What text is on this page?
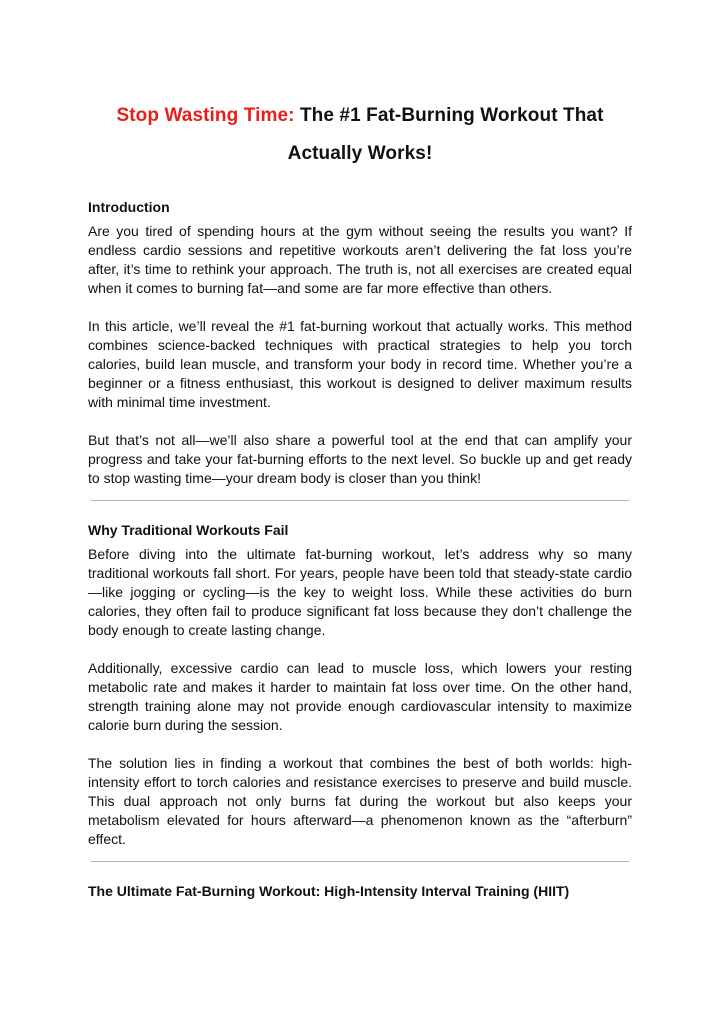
Stop Wasting Time: The #1 Fat-Burning Workout That Actually Works!
Introduction

Are you tired of spending hours at the gym without seeing the results you want? If endless cardio sessions and repetitive workouts aren’t delivering the fat loss you’re after, it’s time to rethink your approach. The truth is, not all exercises are created equal when it comes to burning fat—and some are far more effective than others.

In this article, we’ll reveal the #1 fat-burning workout that actually works. This method combines science-backed techniques with practical strategies to help you torch calories, build lean muscle, and transform your body in record time. Whether you’re a beginner or a fitness enthusiast, this workout is designed to deliver maximum results with minimal time investment.

But that’s not all—we’ll also share a powerful tool at the end that can amplify your progress and take your fat-burning efforts to the next level. So buckle up and get ready to stop wasting time—your dream body is closer than you think!

Why Traditional Workouts Fail

Before diving into the ultimate fat-burning workout, let’s address why so many traditional workouts fall short. For years, people have been told that steady-state cardio—like jogging or cycling—is the key to weight loss. While these activities do burn calories, they often fail to produce significant fat loss because they don’t challenge the body enough to create lasting change.

Additionally, excessive cardio can lead to muscle loss, which lowers your resting metabolic rate and makes it harder to maintain fat loss over time. On the other hand, strength training alone may not provide enough cardiovascular intensity to maximize calorie burn during the session.

The solution lies in finding a workout that combines the best of both worlds: high-intensity effort to torch calories and resistance exercises to preserve and build muscle. This dual approach not only burns fat during the workout but also keeps your metabolism elevated for hours afterward—a phenomenon known as the “afterburn” effect.

The Ultimate Fat-Burning Workout: High-Intensity Interval Training (HIIT)
